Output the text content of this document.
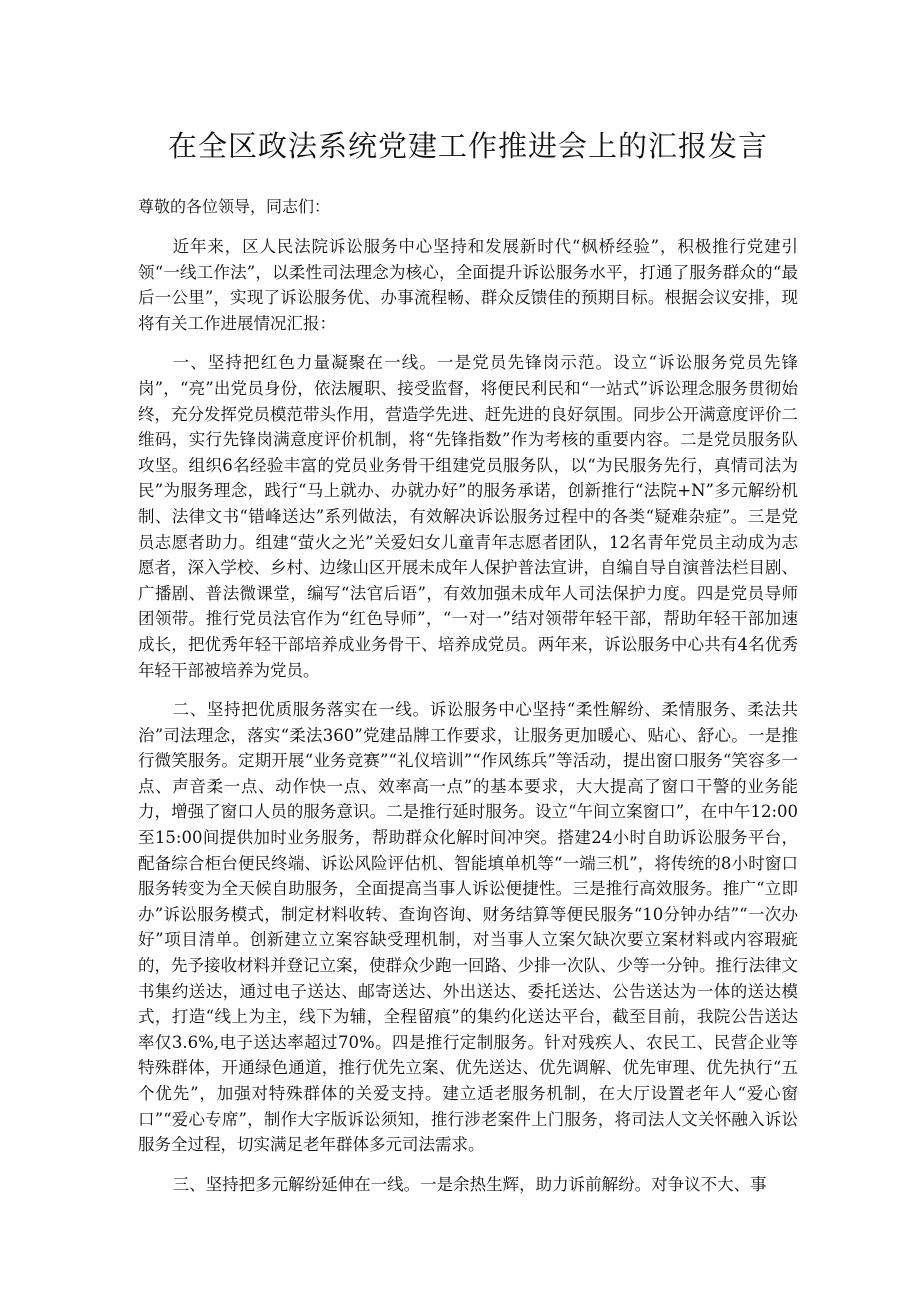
在全区政法系统党建工作推进会上的汇报发言

尊敬的各位领导，同志们：

近年来，区人民法院诉讼服务中心坚持和发展新时代“枫桥经验”，积极推行党建引领“一线工作法”，以柔性司法理念为核心，全面提升诉讼服务水平，打通了服务群众的“最后一公里”，实现了诉讼服务优、办事流程畅、群众反馈佳的预期目标。根据会议安排，现将有关工作进展情况汇报：

一、坚持把红色力量凝聚在一线。一是党员先锋岗示范。设立“诉讼服务党员先锋岗”，“亮”出党员身份，依法履职、接受监督，将便民利民和“一站式”诉讼理念服务贯彻始终，充分发挥党员模范带头作用，营造学先进、赶先进的良好氛围。同步公开满意度评价二维码，实行先锋岗满意度评价机制，将“先锋指数”作为考核的重要内容。二是党员服务队攻坚。组织6名经验丰富的党员业务骨干组建党员服务队，以“为民服务先行，真情司法为民”为服务理念，践行“马上就办、办就办好”的服务承诺，创新推行“法院+N”多元解纷机制、法律文书“错峰送达”系列做法，有效解决诉讼服务过程中的各类“疑难杂症”。三是党员志愿者助力。组建“萤火之光”关爱妇女儿童青年志愿者团队，12名青年党员主动成为志愿者，深入学校、乡村、边缘山区开展未成年人保护普法宣讲，自编自导自演普法栏目剧、广播剧、普法微课堂，编写“法官后语”，有效加强未成年人司法保护力度。四是党员导师团领带。推行党员法官作为“红色导师”，“一对一”结对领带年轻干部，帮助年轻干部加速成长，把优秀年轻干部培养成业务骨干、培养成党员。两年来，诉讼服务中心共有4名优秀年轻干部被培养为党员。

二、坚持把优质服务落实在一线。诉讼服务中心坚持“柔性解纷、柔情服务、柔法共治”司法理念，落实“柔法360”党建品牌工作要求，让服务更加暖心、贴心、舒心。一是推行微笑服务。定期开展“业务竞赛”“礼仪培训”“作风练兵”等活动，提出窗口服务“笑容多一点、声音柔一点、动作快一点、效率高一点”的基本要求，大大提高了窗口干警的业务能力，增强了窗口人员的服务意识。二是推行延时服务。设立“午间立案窗口”，在中午12:00至15:00间提供加时业务服务，帮助群众化解时间冲突。搭建24小时自助诉讼服务平台，配备综合柜台便民终端、诉讼风险评估机、智能填单机等“一端三机”，将传统的8小时窗口服务转变为全天候自助服务，全面提高当事人诉讼便捷性。三是推行高效服务。推广“立即办”诉讼服务模式，制定材料收转、查询咨询、财务结算等便民服务“10分钟办结”“一次办好”项目清单。创新建立立案容缺受理机制，对当事人立案欠缺次要立案材料或内容瑕疵的，先予接收材料并登记立案，使群众少跑一回路、少排一次队、少等一分钟。推行法律文书集约送达，通过电子送达、邮寄送达、外出送达、委托送达、公告送达为一体的送达模式，打造“线上为主，线下为辅，全程留痕”的集约化送达平台，截至目前，我院公告送达率仅3.6%,电子送达率超过70%。四是推行定制服务。针对残疾人、农民工、民营企业等特殊群体，开通绿色通道，推行优先立案、优先送达、优先调解、优先审理、优先执行“五个优先”，加强对特殊群体的关爱支持。建立适老服务机制，在大厅设置老年人“爱心窗口”“爱心专席”，制作大字版诉讼须知，推行涉老案件上门服务，将司法人文关怀融入诉讼服务全过程，切实满足老年群体多元司法需求。

三、坚持把多元解纷延伸在一线。一是余热生辉，助力诉前解纷。对争议不大、事
